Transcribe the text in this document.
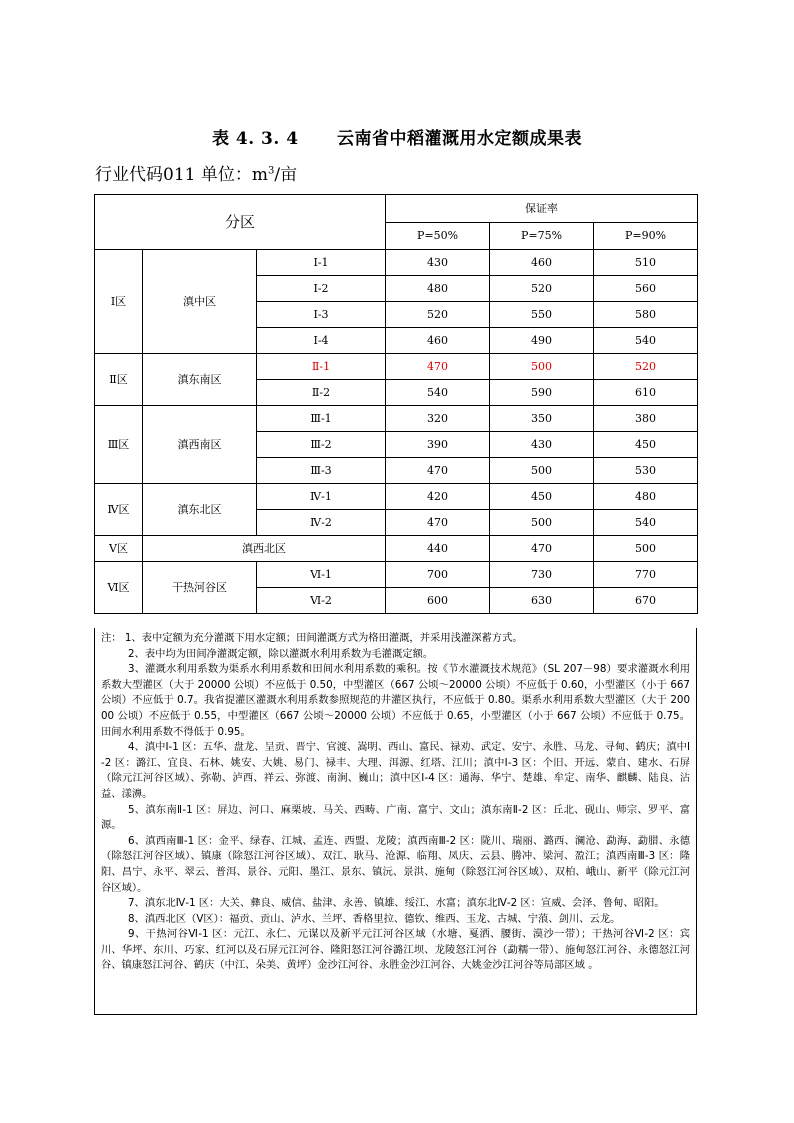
表 4. 3. 4      云南省中稻灌溉用水定额成果表
行业代码011 单位：$m^3/$亩
分区			保证率		
			P=50%	P=75%	P=90%
Ⅰ区	滇中区	Ⅰ-1	430	460	510
		Ⅰ-2	480	520	560
		Ⅰ-3	520	550	580
		Ⅰ-4	460	490	540
Ⅱ区	滇东南区	Ⅱ-1	470	500	520
		Ⅱ-2	540	590	610
Ⅲ区	滇西南区	Ⅲ-1	320	350	380
		Ⅲ-2	390	430	450
		Ⅲ-3	470	500	530
Ⅳ区	滇东北区	Ⅳ-1	420	450	480
		Ⅳ-2	470	500	540
Ⅴ区	滇西北区		440	470	500
Ⅵ区	干热河谷区	Ⅵ-1	700	730	770
		Ⅵ-2	600	630	670

注： 1、表中定额为充分灌溉下用水定额；田间灌溉方式为格田灌溉，并采用浅灌深蓄方式。

2、表中均为田间净灌溉定额，除以灌溉水利用系数为毛灌溉定额。

3、灌溉水利用系数为渠系水利用系数和田间水利用系数的乘积。按《节水灌溉技术规范》（SL 207－98）要求灌溉水利用系数大型灌区（大于 20000 公顷）不应低于 0.50，中型灌区（667 公顷～20000 公顷）不应低于 0.60，小型灌区（小于 667 公顷）不应低于 0.7。我省提灌区灌溉水利用系数参照规范的井灌区执行，不应低于 0.80。渠系水利用系数大型灌区（大于 20000 公顷）不应低于 0.55，中型灌区（667 公顷～20000 公顷）不应低于 0.65，小型灌区（小于 667 公顷）不应低于 0.75。田间水利用系数不得低于 0.95。

4、滇中Ⅰ-1 区：五华、盘龙、呈贡、晋宁、官渡、嵩明、西山、富民、禄劝、武定、安宁、永胜、马龙、寻甸、鹤庆；滇中Ⅰ-2 区：潞江、宜良、石林、姚安、大姚、易门、禄丰、大理、洱源、红塔、江川；滇中Ⅰ-3 区：个旧、开远、蒙自、建水、石屏（除元江河谷区域）、弥勒、泸西、祥云、弥渡、南涧、巍山；滇中区Ⅰ-4 区：通海、华宁、楚雄、牟定、南华、麒麟、陆良、沾益、漾濞。

5、滇东南Ⅱ-1 区：屏边、河口、麻栗坡、马关、西畴、广南、富宁、文山；滇东南Ⅱ-2 区：丘北、砚山、师宗、罗平、富源。

6、滇西南Ⅲ-1 区：金平、绿春、江城、孟连、西盟、龙陵；滇西南Ⅲ-2 区：陇川、瑞丽、潞西、澜沧、勐海、勐腊、永德（除怒江河谷区域）、镇康（除怒江河谷区域）、双江、耿马、沧源、临翔、凤庆、云县、腾冲、梁河、盈江；滇西南Ⅲ-3 区：隆阳、昌宁、永平、翠云、普洱、景谷、元阳、墨江、景东、镇沅、景洪、施甸（除怒江河谷区域）、双柏、峨山、新平（除元江河谷区域）。

7、滇东北Ⅳ-1 区：大关、彝良、威信、盐津、永善、镇雄、绥江、水富；滇东北Ⅳ-2 区：宣威、会泽、鲁甸、昭阳。

8、滇西北区（Ⅴ区）：福贡、贡山、泸水、兰坪、香格里拉、德钦、维西、玉龙、古城、宁蒗、剑川、云龙。

9、干热河谷Ⅵ-1 区：元江、永仁、元谋以及新平元江河谷区域（水塘、戛洒、腰街、漠沙一带）；干热河谷Ⅵ-2 区：宾川、华坪、东川、巧家、红河以及石屏元江河谷、隆阳怒江河谷潞江坝、龙陵怒江河谷（勐糯一带）、施甸怒江河谷、永德怒江河谷、镇康怒江河谷、鹤庆（中江、朵美、黄坪）金沙江河谷、永胜金沙江河谷、大姚金沙江河谷等局部区域 。
